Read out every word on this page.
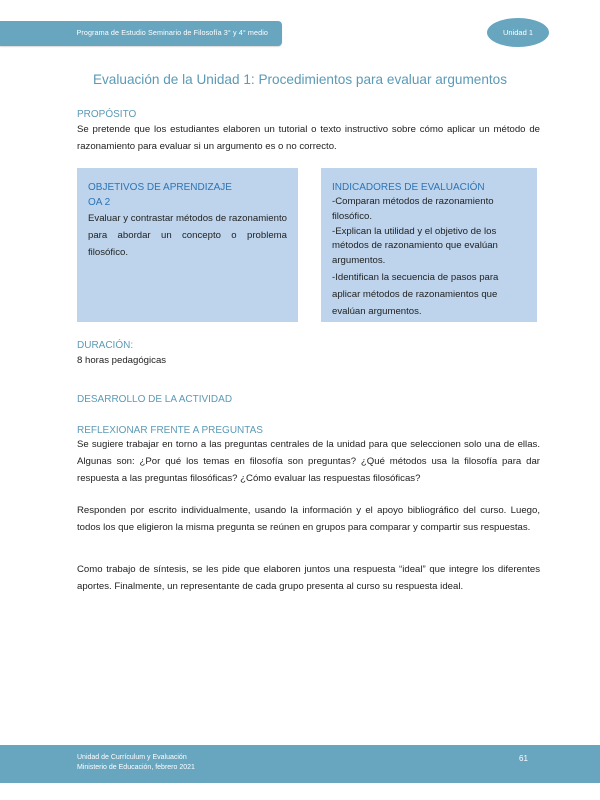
Programa de Estudio Seminario de Filosofía 3° y 4° medio	Unidad 1
Evaluación de la Unidad 1: Procedimientos para evaluar argumentos
PROPÓSITO
Se pretende que los estudiantes elaboren un tutorial o texto instructivo sobre cómo aplicar un método de razonamiento para evaluar si un argumento es o no correcto.
OBJETIVOS DE APRENDIZAJE
OA 2
Evaluar y contrastar métodos de razonamiento para abordar un concepto o problema filosófico.
INDICADORES DE EVALUACIÓN
-Comparan métodos de razonamiento filosófico.
-Explican la utilidad y el objetivo de los métodos de razonamiento que evalúan argumentos.
-Identifican la secuencia de pasos para aplicar métodos de razonamientos que evalúan argumentos.
DURACIÓN:
8 horas pedagógicas
DESARROLLO DE LA ACTIVIDAD
REFLEXIONAR FRENTE A PREGUNTAS
Se sugiere trabajar en torno a las preguntas centrales de la unidad para que seleccionen solo una de ellas. Algunas son: ¿Por qué los temas en filosofía son preguntas? ¿Qué métodos usa la filosofía para dar respuesta a las preguntas filosóficas? ¿Cómo evaluar las respuestas filosóficas?
Responden por escrito individualmente, usando la información y el apoyo bibliográfico del curso. Luego, todos los que eligieron la misma pregunta se reúnen en grupos para comparar y compartir sus respuestas.
Como trabajo de síntesis, se les pide que elaboren juntos una respuesta “ideal” que integre los diferentes aportes. Finalmente, un representante de cada grupo presenta al curso su respuesta ideal.
Unidad de Currículum y Evaluación
Ministerio de Educación, febrero 2021
61
